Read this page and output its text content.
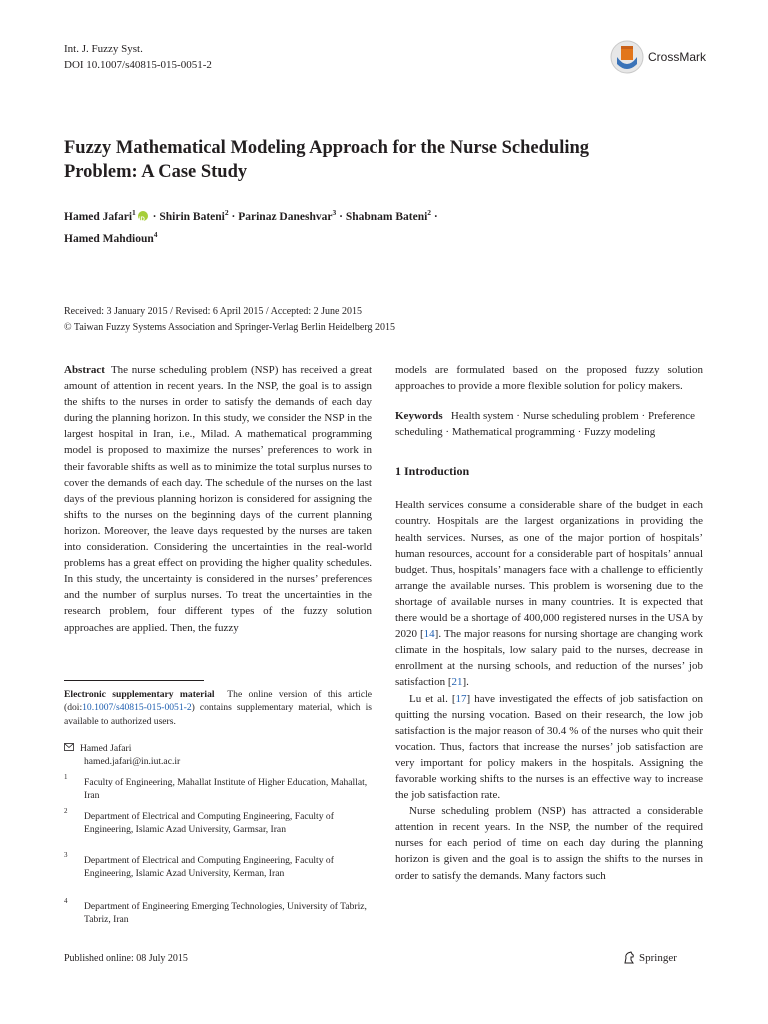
Int. J. Fuzzy Syst.
DOI 10.1007/s40815-015-0051-2
CrossMark
Fuzzy Mathematical Modeling Approach for the Nurse Scheduling Problem: A Case Study
Hamed Jafari$^1$iD · Shirin Bateni$^2$ · Parinaz Daneshvar$^3$ · Shabnam Bateni$^2$ ·
Hamed Mahdioun$^4$
Received: 3 January 2015 / Revised: 6 April 2015 / Accepted: 2 June 2015
© Taiwan Fuzzy Systems Association and Springer-Verlag Berlin Heidelberg 2015

Abstract The nurse scheduling problem (NSP) has received a great amount of attention in recent years. In the NSP, the goal is to assign the shifts to the nurses in order to satisfy the demands of each day during the planning horizon. In this study, we consider the NSP in the largest hospital in Iran, i.e., Milad. A mathematical programming model is proposed to maximize the nurses’ preferences to work in their favorable shifts as well as to minimize the total surplus nurses to cover the demands of each day. The schedule of the nurses on the last days of the previous planning horizon is considered for assigning the shifts to the nurses on the beginning days of the current planning horizon. Moreover, the leave days requested by the nurses are taken into consideration. Considering the uncertainties in the real-world problems has a great effect on providing the higher quality schedules. In this study, the uncertainty is considered in the nurses’ preferences and the number of surplus nurses. To treat the uncertainties in the research problem, four different types of the fuzzy solution approaches are applied. Then, the fuzzy

Electronic supplementary material The online version of this article (doi:10.1007/s40815-015-0051-2) contains supplementary material, which is available to authorized users.

Hamed Jafari
hamed.jafari@in.iut.ac.ir
1 Faculty of Engineering, Mahallat Institute of Higher Education, Mahallat, Iran
2 Department of Electrical and Computing Engineering, Faculty of Engineering, Islamic Azad University, Garmsar, Iran
3 Department of Electrical and Computing Engineering, Faculty of Engineering, Islamic Azad University, Kerman, Iran
4 Department of Engineering Emerging Technologies, University of Tabriz, Tabriz, Iran

models are formulated based on the proposed fuzzy solution approaches to provide a more flexible solution for policy makers.

Keywords Health system · Nurse scheduling problem · Preference scheduling · Mathematical programming · Fuzzy modeling

1 Introduction

Health services consume a considerable share of the budget in each country. Hospitals are the largest organizations in providing the health services. Nurses, as one of the major portion of hospitals’ human resources, account for a considerable part of hospitals’ annual budget. Thus, hospitals’ managers face with a challenge to efficiently arrange the available nurses. This problem is worsening due to the shortage of available nurses in many countries. It is expected that there would be a shortage of 400,000 registered nurses in the USA by 2020 [14]. The major reasons for nursing shortage are changing work climate in the hospitals, low salary paid to the nurses, decrease in enrollment at the nursing schools, and reduction of the nurses’ job satisfaction [21].

Lu et al. [17] have investigated the effects of job satisfaction on quitting the nursing vocation. Based on their research, the low job satisfaction is the major reason of 30.4 % of the nurses who quit their vocation. Thus, factors that increase the nurses’ job satisfaction are very important for policy makers in the hospitals. Assigning the favorable working shifts to the nurses is an effective way to increase the job satisfaction rate.

Nurse scheduling problem (NSP) has attracted a considerable attention in recent years. In the NSP, the number of the required nurses for each period of time on each day during the planning horizon is given and the goal is to assign the shifts to the nurses in order to satisfy the demands. Many factors such

Published online: 08 July 2015	Springer
